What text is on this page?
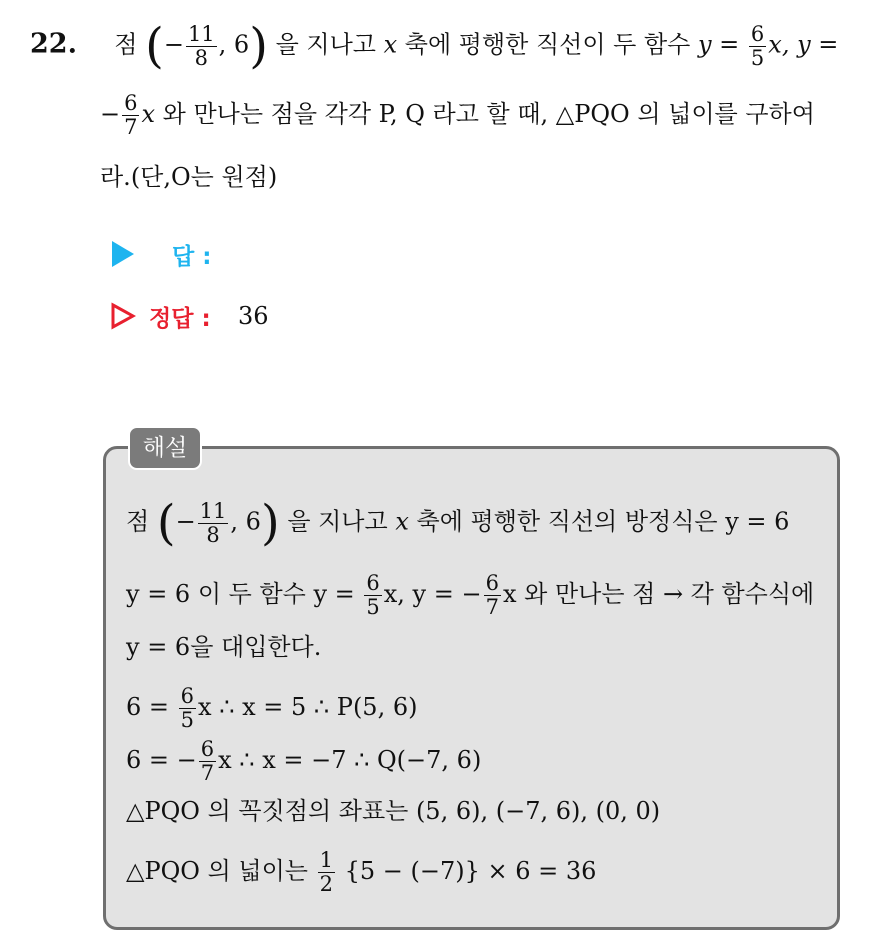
22. 점 (− $\frac{11}{8}$ , 6) 을 지나고 x 축에 평행한 직선이 두 함수 $y = \frac{6}{5} x$, y =
− $\frac{6}{7}$ x 와 만나는 점을 각각 P, Q 라고 할 때, △PQO 의 넓이를 구하여
라.(단,O는 원점)
답 :
정답 : 36
해설
점 (− $\frac{11}{8}$ , 6) 을 지나고 x 축에 평행한 직선의 방정식은 y = 6
y = 6 이 두 함수 $y = \frac{6}{5} x$, y = − $\frac{6}{7}$ x 와 만나는 점 → 각 함수식에
y = 6을 대입한다.
$6 = \frac{6}{5}$ x ∴ x = 5 ∴ P(5, 6)
6 = − $\frac{6}{7}$ x ∴ x = −7 ∴ Q(−7, 6)
△PQO 의 꼭짓점의 좌표는 (5, 6), (−7, 6), (0, 0)
△PQO 의 넓이는 $\frac{1}{2} \{5 - (-7)\} \times 6 = 36$
